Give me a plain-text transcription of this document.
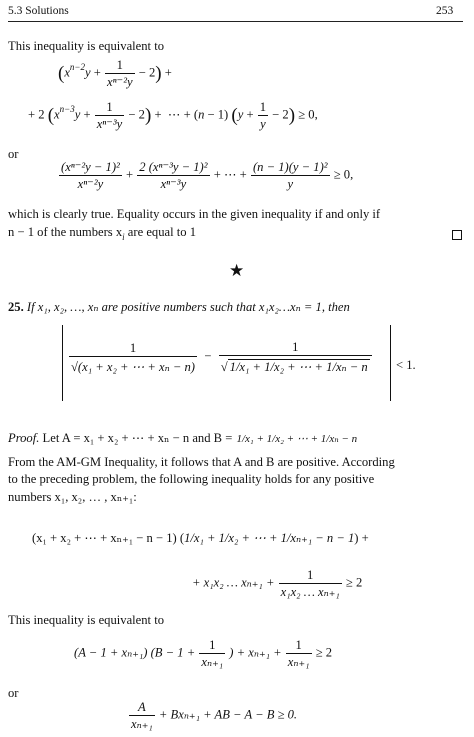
5.3 Solutions	253
This inequality is equivalent to
$(x^{n-2}y + \frac{1}{\text{xⁿ⁻²y}} - 2)$ +
+ 2 $(x^{n-3}y + \frac{1}{\text{xⁿ⁻³y}} - 2)$ +  ⋯ + (n − 1) $(y + \frac{1}{y} - 2) \ge 0$,
or
$\frac{\text{(xⁿ⁻²y − 1)²}}{\text{xⁿ⁻²y}} + \frac{\text{2 (xⁿ⁻³y − 1)²}}{\text{xⁿ⁻³y}}$ + ⋯ + $\frac{\text{(n − 1)(y − 1)²}}{y} \ge 0$,
which is clearly true. Equality occurs in the given inequality if and only if
n − 1 of the numbers $x_i$ are equal to 1
★
25. If x₁, x₂, …, xₙ are positive numbers such that x₁x₂…xₙ = 1, then
$\frac{1}{\text{√(x₁ + x₂ + ⋯ + xₙ − n)}} - \frac{1}{\text{√ 1/x₁ + 1/x₂ + ⋯ + 1/xₙ − n}} < 1$.
Proof. Let A = x₁ + x₂ + ⋯ + xₙ − n and B = 1/x₁ + 1/x₂ + ⋯ + 1/xₙ − n
From the AM-GM Inequality, it follows that A and B are positive. According
to the preceding problem, the following inequality holds for any positive
numbers x₁, x₂, … , xₙ₊₁:
(x₁ + x₂ + ⋯ + xₙ₊₁ − n − 1) (1/x₁ + 1/x₂ + ⋯ + 1/xₙ₊₁ − n − 1) +
+ x₁x₂ … $x_{n+1} + \frac{1}{\text{x₁x₂ … xₙ₊₁}} \ge 2$
This inequality is equivalent to
(A − 1 + xₙ₊₁) ($B - 1 + \frac{1}{\text{xₙ₊₁}}$ ) + $x_{n+1} + \frac{1}{\text{xₙ₊₁}} \ge 2$
or
$\frac{A}{\text{xₙ₊₁}} + Bx_{n+1}$ + AB − A − B ≥ 0.
